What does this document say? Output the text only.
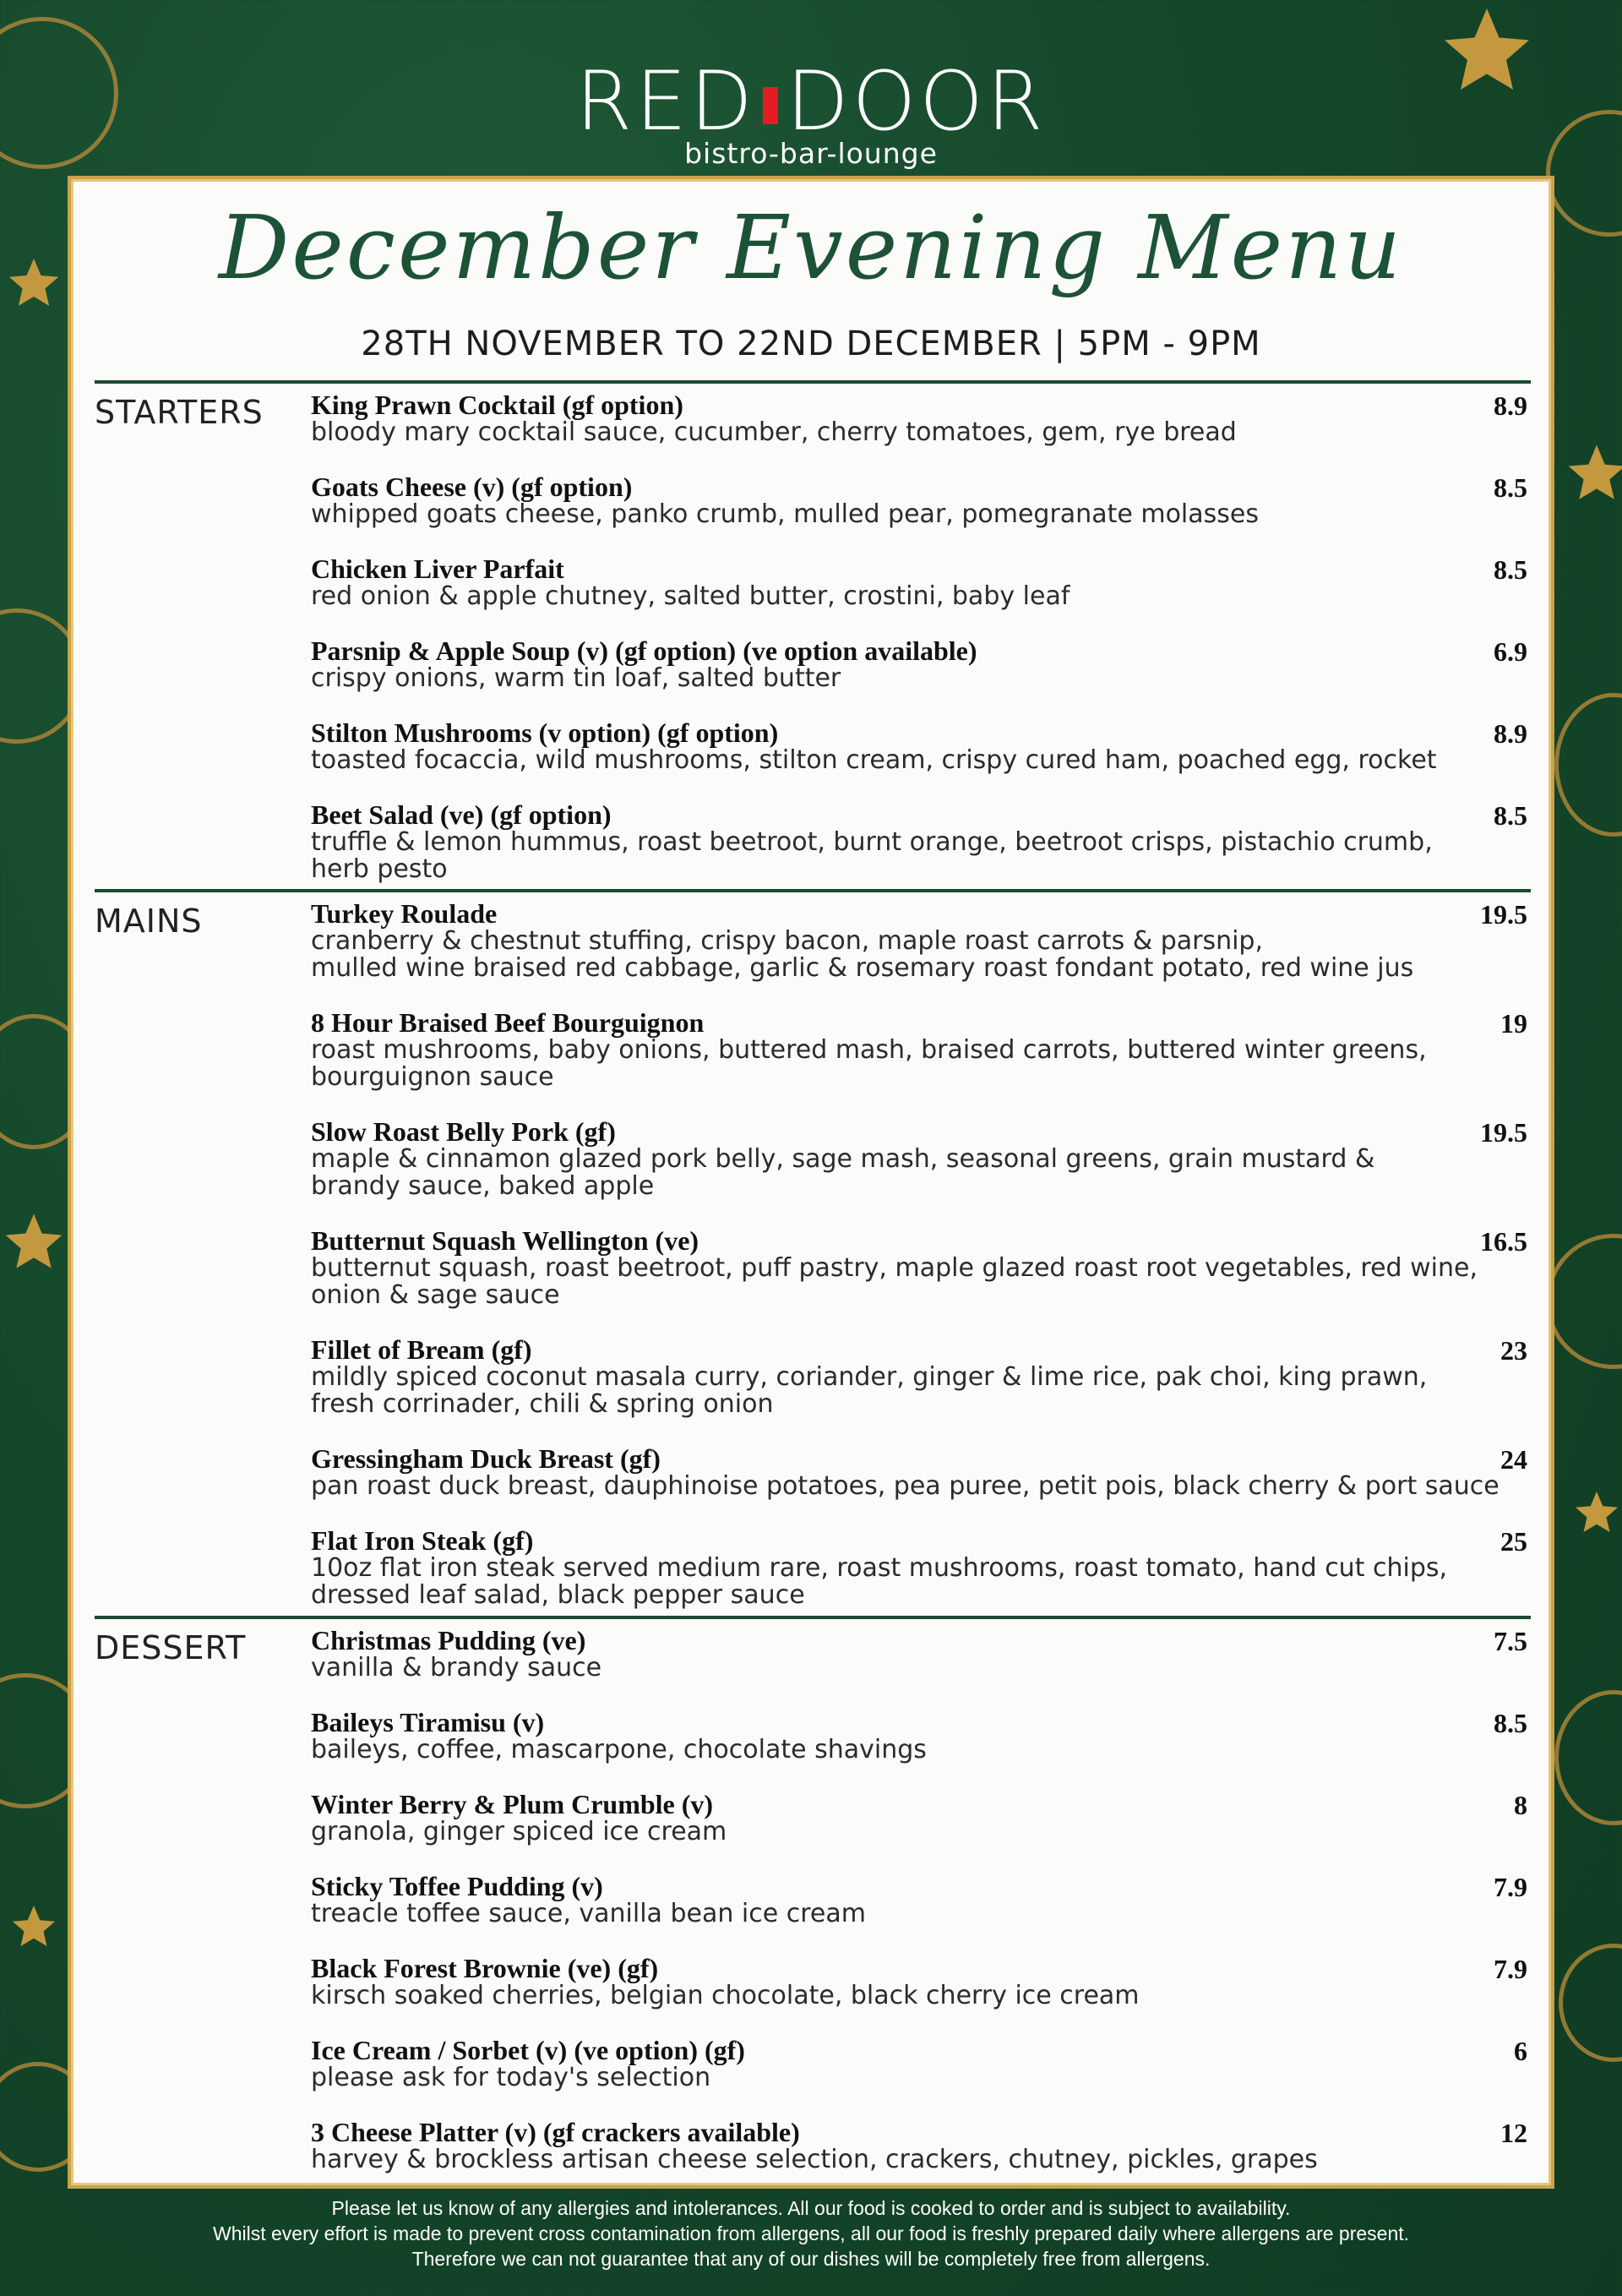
RED DOOR
bistro-bar-lounge
December Evening Menu
28TH NOVEMBER TO 22ND DECEMBER | 5PM - 9PM
STARTERS King Prawn Cocktail (gf option)
bloody mary cocktail sauce, cucumber, cherry tomatoes, gem, rye bread
8.9
Goats Cheese (v) (gf option)
whipped goats cheese, panko crumb, mulled pear, pomegranate molasses
8.5
Chicken Liver Parfait
red onion & apple chutney, salted butter, crostini, baby leaf
8.5
Parsnip & Apple Soup (v) (gf option) (ve option available)
crispy onions, warm tin loaf, salted butter
6.9
Stilton Mushrooms (v option) (gf option)
toasted focaccia, wild mushrooms, stilton cream, crispy cured ham, poached egg, rocket
8.9
Beet Salad (ve) (gf option)
truffle & lemon hummus, roast beetroot, burnt orange, beetroot crisps, pistachio crumb,
herb pesto
8.5
MAINS	Turkey Roulade
cranberry & chestnut stuffing, crispy bacon, maple roast carrots & parsnip,
mulled wine braised red cabbage, garlic & rosemary roast fondant potato, red wine jus
19.5
8 Hour Braised Beef Bourguignon
roast mushrooms, baby onions, buttered mash, braised carrots, buttered winter greens,
bourguignon sauce
19
Slow Roast Belly Pork (gf)
maple & cinnamon glazed pork belly, sage mash, seasonal greens, grain mustard &
brandy sauce, baked apple
19.5
Butternut Squash Wellington (ve)
butternut squash, roast beetroot, puff pastry, maple glazed roast root vegetables, red wine,
onion & sage sauce
16.5
Fillet of Bream (gf)
mildly spiced coconut masala curry, coriander, ginger & lime rice, pak choi, king prawn,
fresh corrinader, chili & spring onion
23
Gressingham Duck Breast (gf)
pan roast duck breast, dauphinoise potatoes, pea puree, petit pois, black cherry & port sauce
24
Flat Iron Steak (gf)
10oz flat iron steak served medium rare, roast mushrooms, roast tomato, hand cut chips,
dressed leaf salad, black pepper sauce
25
DESSERT Christmas Pudding (ve)
vanilla & brandy sauce
7.5
Baileys Tiramisu (v)
baileys, coffee, mascarpone, chocolate shavings
8.5
Winter Berry & Plum Crumble (v)
granola, ginger spiced ice cream
8
Sticky Toffee Pudding (v)
treacle toffee sauce, vanilla bean ice cream
7.9
Black Forest Brownie (ve) (gf)
kirsch soaked cherries, belgian chocolate, black cherry ice cream
7.9
Ice Cream / Sorbet (v) (ve option) (gf)
please ask for today's selection
6
3 Cheese Platter (v) (gf crackers available)
harvey & brockless artisan cheese selection, crackers, chutney, pickles, grapes
12
Please let us know of any allergies and intolerances. All our food is cooked to order and is subject to availability.
Whilst every effort is made to prevent cross contamination from allergens, all our food is freshly prepared daily where allergens are present.
Therefore we can not guarantee that any of our dishes will be completely free from allergens.
